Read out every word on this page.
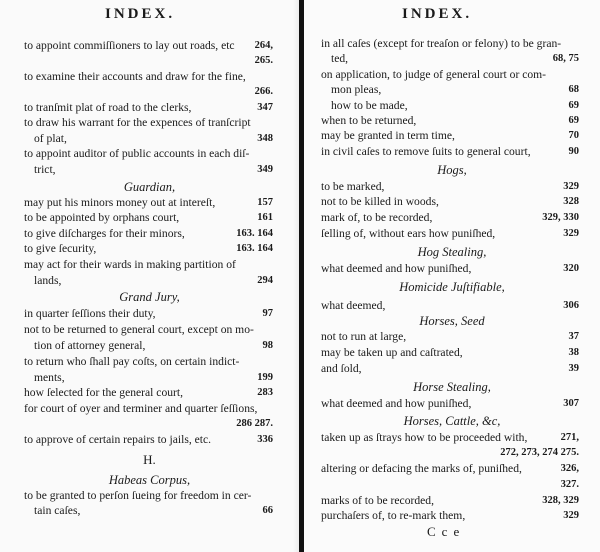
INDEX.
to appoint commiſſioners to lay out roads, etc 264,
265.
to examine their accounts and draw for the fine,
266.
to tranſmit plat of road to the clerks,	347
to draw his warrant for the expences of tranſcript
of plat,	348
to appoint auditor of public accounts in each diſ-
trict,	349
Guardian,
may put his minors money out at intereſt,	157
to be appointed by orphans court,	161
to give diſcharges for their minors,	163. 164
to give ſecurity,	163. 164
may act for their wards in making partition of
lands,	294
Grand Jury,
in quarter ſeſſions their duty,	97
not to be returned to general court, except on mo-
tion of attorney general,	98
to return who ſhall pay coſts, on certain indict-
ments,	199
how ſelected for the general court,	283
for court of oyer and terminer and quarter ſeſſions,
286 287.
to approve of certain repairs to jails, etc.	336
H.
Habeas Corpus,
to be granted to perſon ſueing for freedom in cer-
tain caſes,	66
INDEX.
in all caſes (except for treaſon or felony) to be gran-
ted,	68, 75
on application, to judge of general court or com-
mon pleas,	68
how to be made,	69
when to be returned,	69
may be granted in term time,	70
in civil caſes to remove ſuits to general court,	90
Hogs,
to be marked,	329
not to be killed in woods,	328
mark of, to be recorded,	329, 330
ſelling of, without ears how puniſhed,	329
Hog Stealing,
what deemed and how puniſhed,	320
Homicide Juſtifiable,
what deemed,	306
Horses, Seed
not to run at large,	37
may be taken up and caſtrated,	38
and ſold,	39
Horse Stealing,
what deemed and how puniſhed,	307
Horses, Cattle, &c,
taken up as ſtrays how to be proceeded with,	271,
272, 273, 274 275.
altering or defacing the marks of, puniſhed,	326,
327.
marks of to be recorded,	328, 329
purchaſers of, to re-mark them,	329
Cce
